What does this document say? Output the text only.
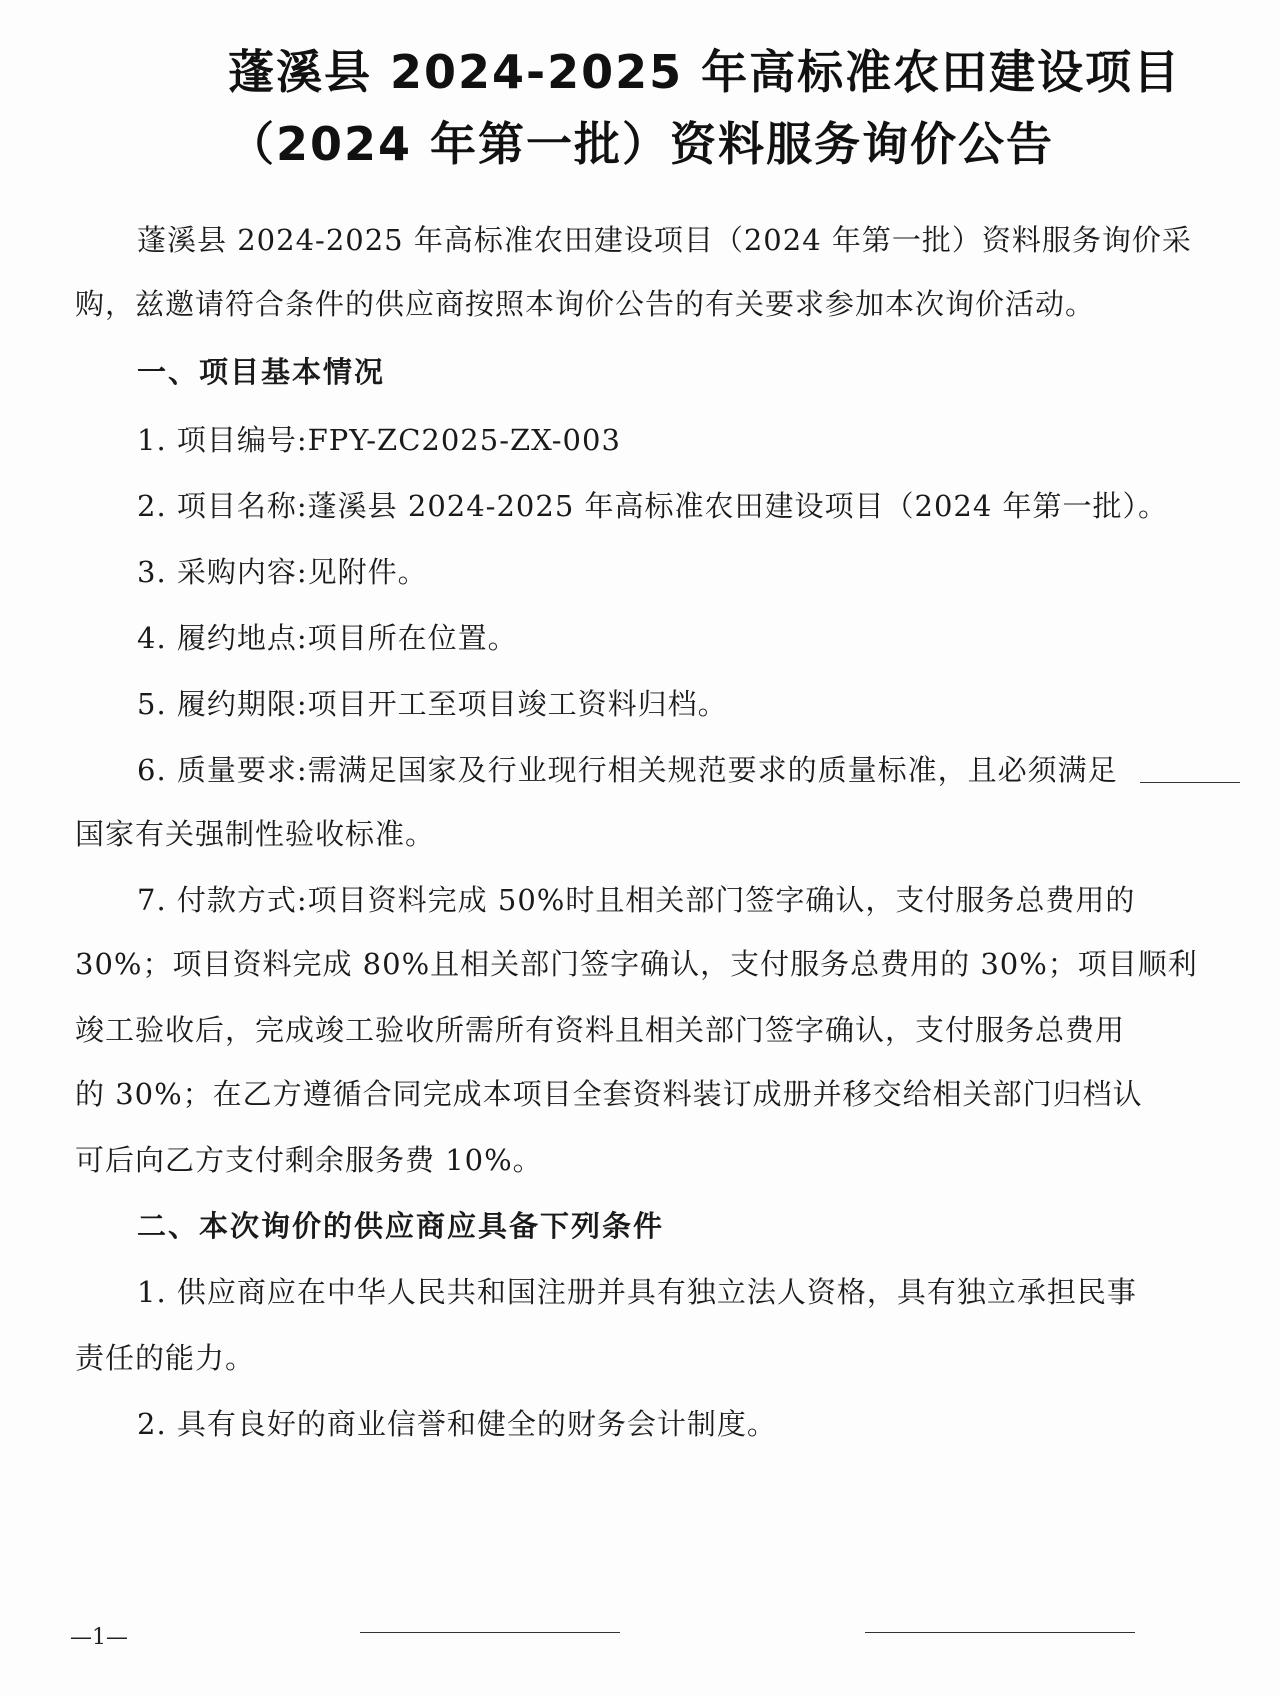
蓬溪县 2024-2025 年高标准农田建设项目
（2024 年第一批）资料服务询价公告
蓬溪县 2024-2025 年高标准农田建设项目（2024 年第一批）资料服务询价采
购，兹邀请符合条件的供应商按照本询价公告的有关要求参加本次询价活动。
一、项目基本情况
1. 项目编号:FPY-ZC2025-ZX-003
2. 项目名称:蓬溪县 2024-2025 年高标准农田建设项目（2024 年第一批）。
3. 采购内容:见附件。
4. 履约地点:项目所在位置。
5. 履约期限:项目开工至项目竣工资料归档。
6. 质量要求:需满足国家及行业现行相关规范要求的质量标准，且必须满足
国家有关强制性验收标准。
7. 付款方式:项目资料完成 50%时且相关部门签字确认，支付服务总费用的
30%；项目资料完成 80%且相关部门签字确认，支付服务总费用的 30%；项目顺利
竣工验收后，完成竣工验收所需所有资料且相关部门签字确认，支付服务总费用
的 30%；在乙方遵循合同完成本项目全套资料装订成册并移交给相关部门归档认
可后向乙方支付剩余服务费 10%。
二、本次询价的供应商应具备下列条件
1. 供应商应在中华人民共和国注册并具有独立法人资格，具有独立承担民事
责任的能力。
2. 具有良好的商业信誉和健全的财务会计制度。
—1—
